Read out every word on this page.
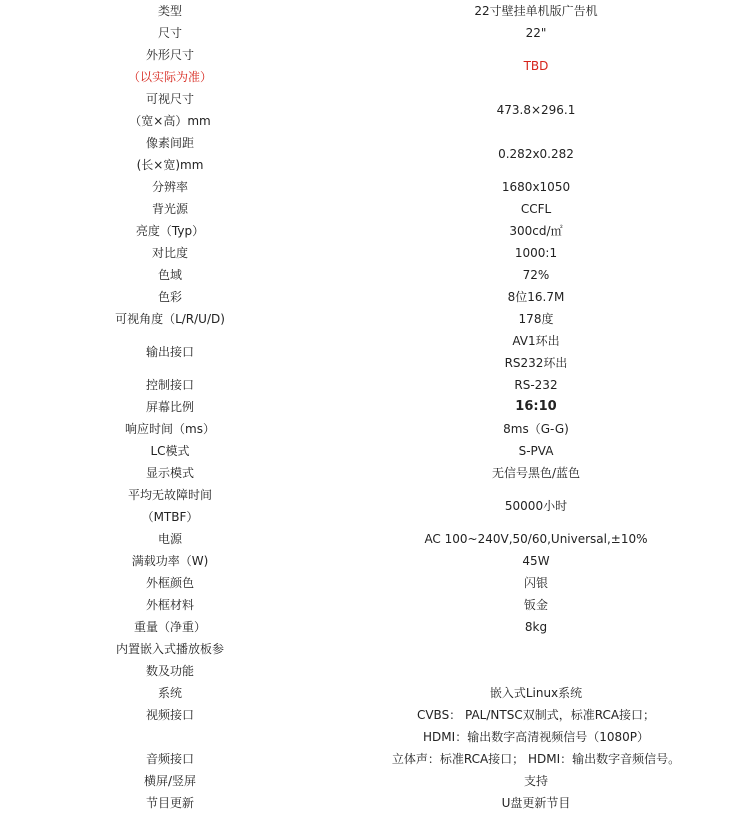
类型	22寸壁挂单机版广告机

尺寸	22"

外形尺寸
（以实际为准）	TBD

可视尺寸
（宽×高）mm	473.8×296.1

像素间距
(长×宽)mm	0.282x0.282

分辨率	1680x1050

背光源	CCFL

亮度（Typ）	300cd/㎡

对比度	1000:1

色域	72%

色彩	8位16.7M

可视角度（L/R/U/D)	178度

输出接口	AV1环出
RS232环出

控制接口	RS-232

屏幕比例	16:10

响应时间（ms）	8ms（G-G)

LC模式	S-PVA

显示模式	无信号黑色/蓝色

平均无故障时间
（MTBF）	50000小时

电源	AC 100~240V,50/60,Universal,±10%

满载功率（W)	45W

外框颜色	闪银

外框材料	钣金

重量（净重）	8kg

内置嵌入式播放板参
数及功能	

系统	嵌入式Linux系统

视频接口	CVBS： PAL/NTSC双制式，标准RCA接口；
HDMI：输出数字高清视频信号（1080P）

音频接口	立体声：标准RCA接口； HDMI：输出数字音频信号。

横屏/竖屏	支持

节目更新	U盘更新节目
